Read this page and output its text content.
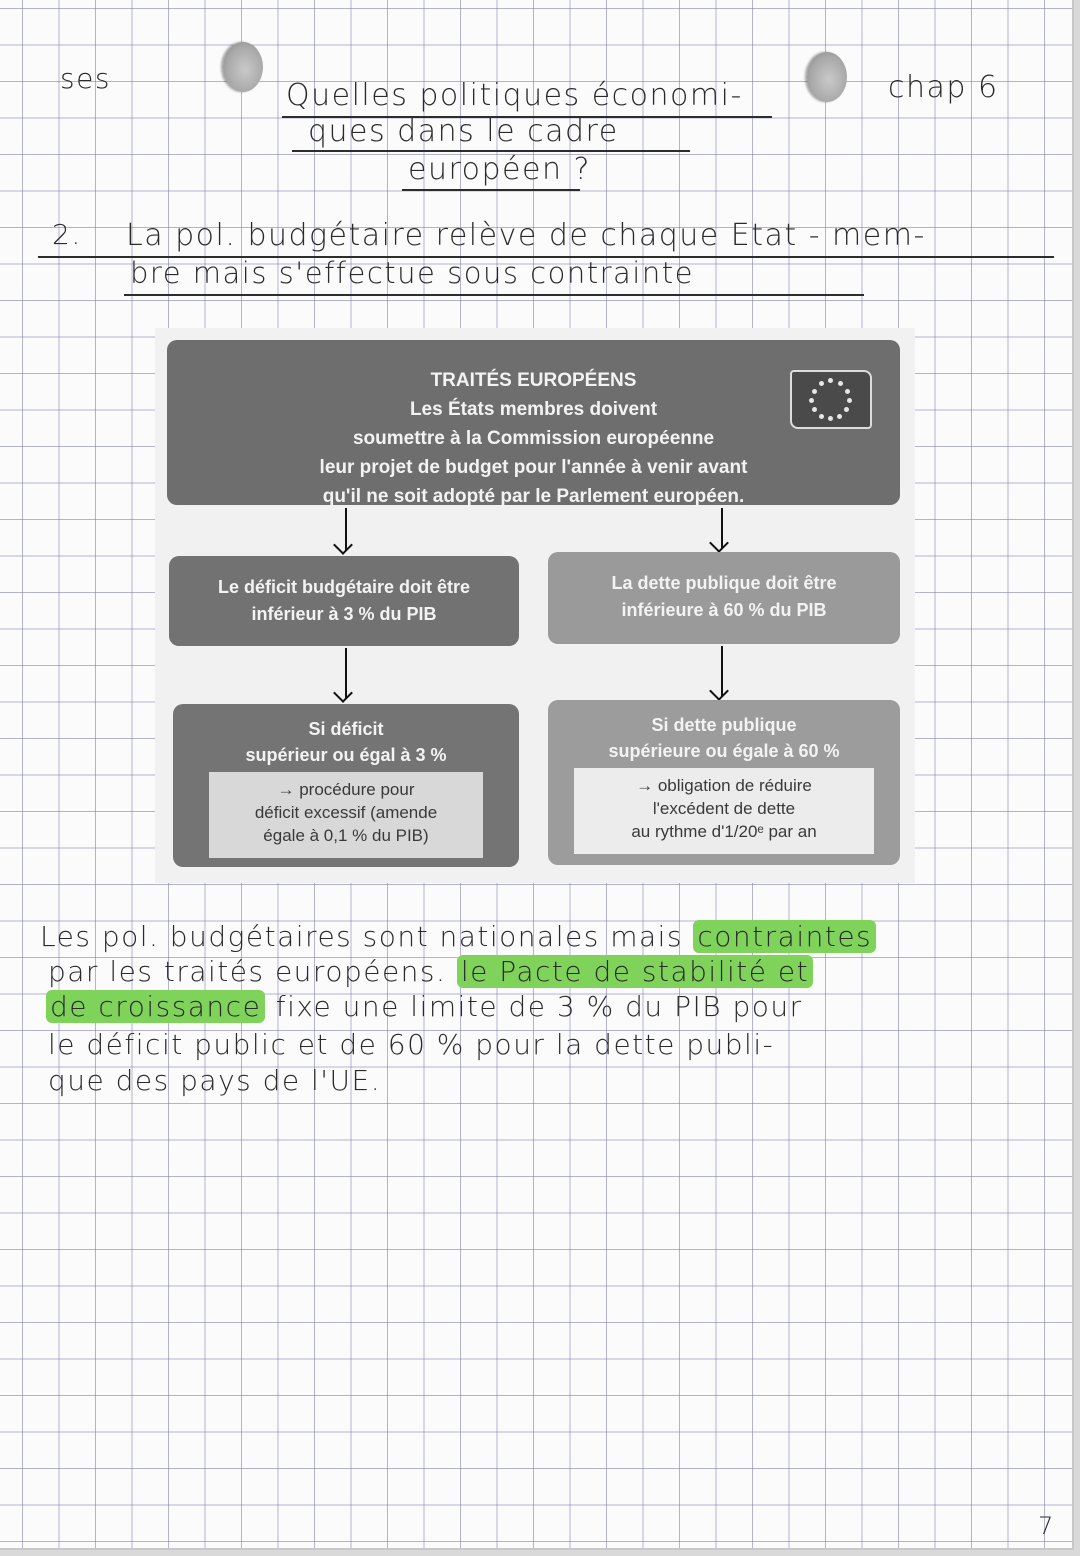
ses	chap 6
Quelles politiques économi-
ques dans le cadre
européen ?
2. La pol. budgétaire relève de chaque Etat - mem-
bre mais s'effectue sous contrainte
TRAITÉS EUROPÉENS
Les États membres doivent
soumettre à la Commission européenne
leur projet de budget pour l'année à venir avant
qu'il ne soit adopté par le Parlement européen.
Le déficit budgétaire doit être
inférieur à 3 % du PIB
La dette publique doit être
inférieure à 60 % du PIB
Si déficit
supérieur ou égal à 3 %
→ procédure pour
déficit excessif (amende
égale à 0,1 % du PIB)
Si dette publique
supérieure ou égale à 60 %
→ obligation de réduire
l'excédent de dette
au rythme d'1/20ᵉ par an
Les pol. budgétaires sont nationales mais contraintes
par les traités européens. le Pacte de stabilité et
de croissance fixe une limite de 3 % du PIB pour
le déficit public et de 60 % pour la dette publi-
que des pays de l'UE.
7
